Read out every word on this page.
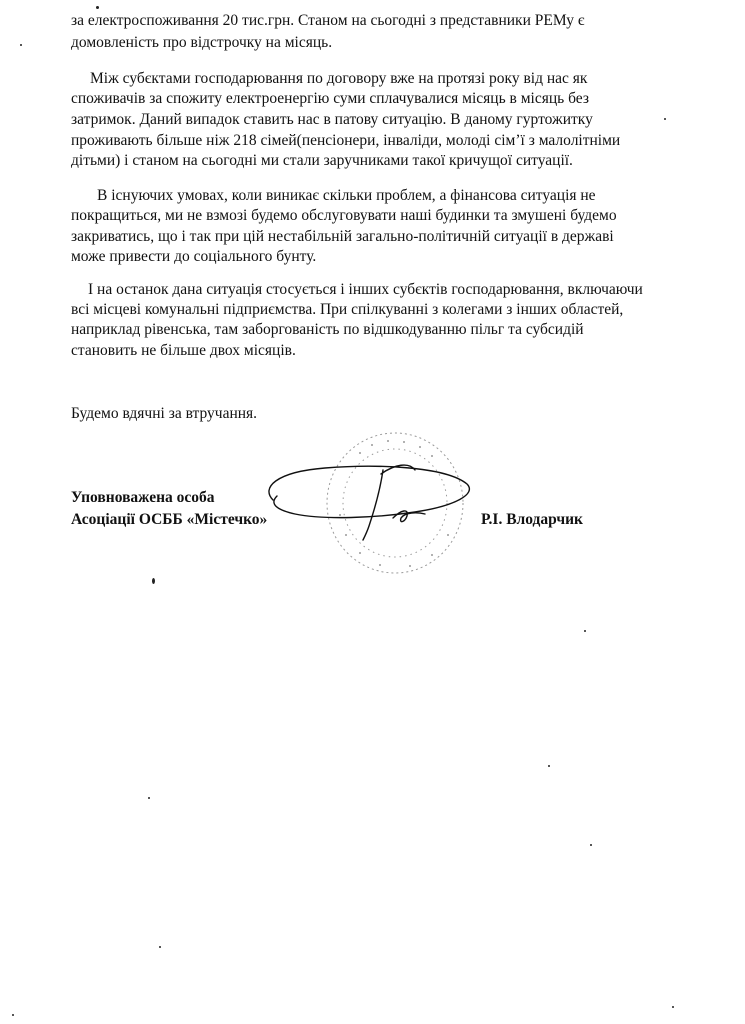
за електроспоживання 20 тис.грн. Станом на сьогодні з представники РЕМу є
домовленість про відстрочку на місяць.
Між субєктами господарювання по договору вже на протязі року від нас як
споживачів за спожиту електроенергію суми сплачувалися місяць в місяць без
затримок. Даний випадок ставить нас в патову ситуацію. В даному гуртожитку
проживають більше ніж 218 сімей(пенсіонери, інваліди, молоді сім’ї з малолітніми
дітьми) і станом на сьогодні ми стали заручниками такої кричущої ситуації.
В існуючих умовах, коли виникає скільки проблем, а фінансова ситуація не
покращиться, ми не взмозі будемо обслуговувати наші будинки та змушені будемо
закриватись, що і так при цій нестабільній загально-політичній ситуації в державі
може привести до соціального бунту.
І на останок дана ситуація стосується і інших субєктів господарювання, включаючи
всі місцеві комунальні підприємства. При спілкуванні з колегами з інших областей,
наприклад рівенська, там заборгованість по відшкодуванню пільг та субсидій
становить не більше двох місяців.
Будемо вдячні за втручання.
Уповноважена особа
Асоціації ОСББ «Містечко»	Р.І. Влодарчик
